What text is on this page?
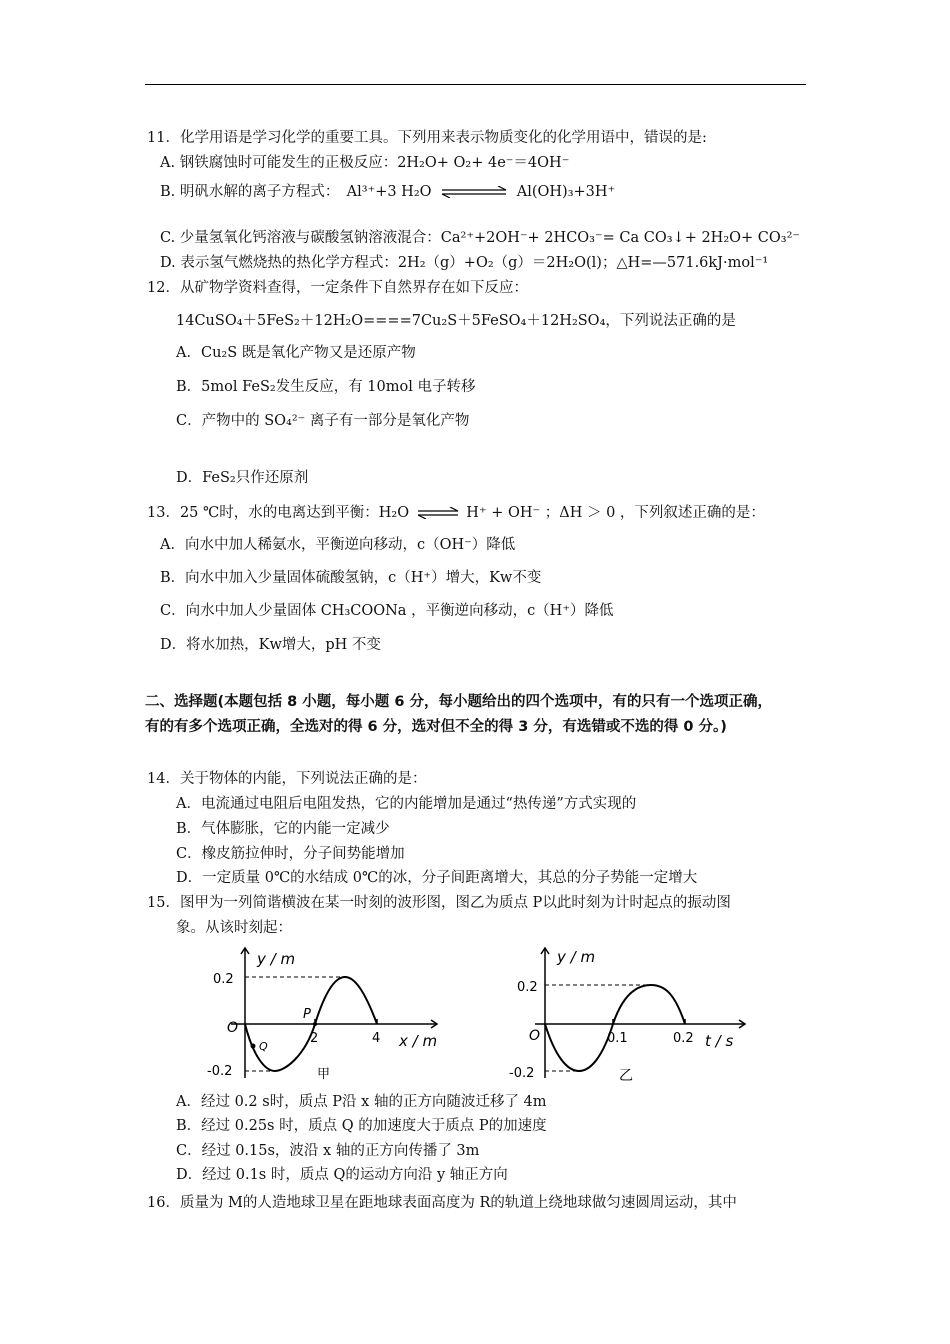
11．化学用语是学习化学的重要工具。下列用来表示物质变化的化学用语中，错误的是:
A. 钢铁腐蚀时可能发生的正极反应：2H₂O+ O₂+ 4e⁻＝4OH⁻
B. 明矾水解的离子方程式：　Al³⁺+3 H₂O	Al(OH)₃+3H⁺
C. 少量氢氧化钙溶液与碳酸氢钠溶液混合：Ca²⁺+2OH⁻+ 2HCO₃⁻= Ca CO₃↓+ 2H₂O+ CO₃²⁻
D. 表示氢气燃烧热的热化学方程式：2H₂（g）+O₂（g）＝2H₂O(l)；△H=—571.6kJ·mol⁻¹
12．从矿物学资料查得，一定条件下自然界存在如下反应：
14CuSO₄＋5FeS₂＋12H₂O====7Cu₂S＋5FeSO₄＋12H₂SO₄，下列说法正确的是
A．Cu₂S 既是氧化产物又是还原产物
B．5mol FeS₂发生反应，有 10mol 电子转移
C．产物中的 SO₄²⁻ 离子有一部分是氧化产物
D．FeS₂只作还原剂
13．25 ℃时，水的电离达到平衡：H₂O ⇌ H⁺ + OH⁻ ；ΔH ＞ 0 ，下列叙述正确的是：
A．向水中加人稀氨水，平衡逆向移动，c（OH⁻）降低
B．向水中加入少量固体硫酸氢钠，c（H⁺）增大，Kw不变
C．向水中加人少量固体 CH₃COONa ，平衡逆向移动，c（H⁺）降低
D．将水加热，Kw增大，pH 不变
二、选择题(本题包括 8 小题，每小题 6 分，每小题给出的四个选项中，有的只有一个选项正确，
有的有多个选项正确，全选对的得 6 分，选对但不全的得 3 分，有选错或不选的得 0 分。)
14．关于物体的内能，下列说法正确的是：
A．电流通过电阻后电阻发热，它的内能增加是通过“热传递”方式实现的
B．气体膨胀，它的内能一定减少
C．橡皮筋拉伸时，分子间势能增加
D．一定质量 0℃的水结成 0℃的冰，分子间距离增大，其总的分子势能一定增大
15．图甲为一列简谐横波在某一时刻的波形图，图乙为质点 P以此时刻为计时起点的振动图
象。从该时刻起：
y / m
x / m
O
0.2
-0.2
2	4
P
Q
甲
y / m
t / s
O
0.2
-0.2
0.1	0.2
乙
A．经过 0.2 s时，质点 P沿 x 轴的正方向随波迁移了 4m
B．经过 0.25s 时，质点 Q 的加速度大于质点 P的加速度
C．经过 0.15s，波沿 x 轴的正方向传播了 3m
D．经过 0.1s 时，质点 Q的运动方向沿 y 轴正方向
16．质量为 M的人造地球卫星在距地球表面高度为 R的轨道上绕地球做匀速圆周运动，其中
